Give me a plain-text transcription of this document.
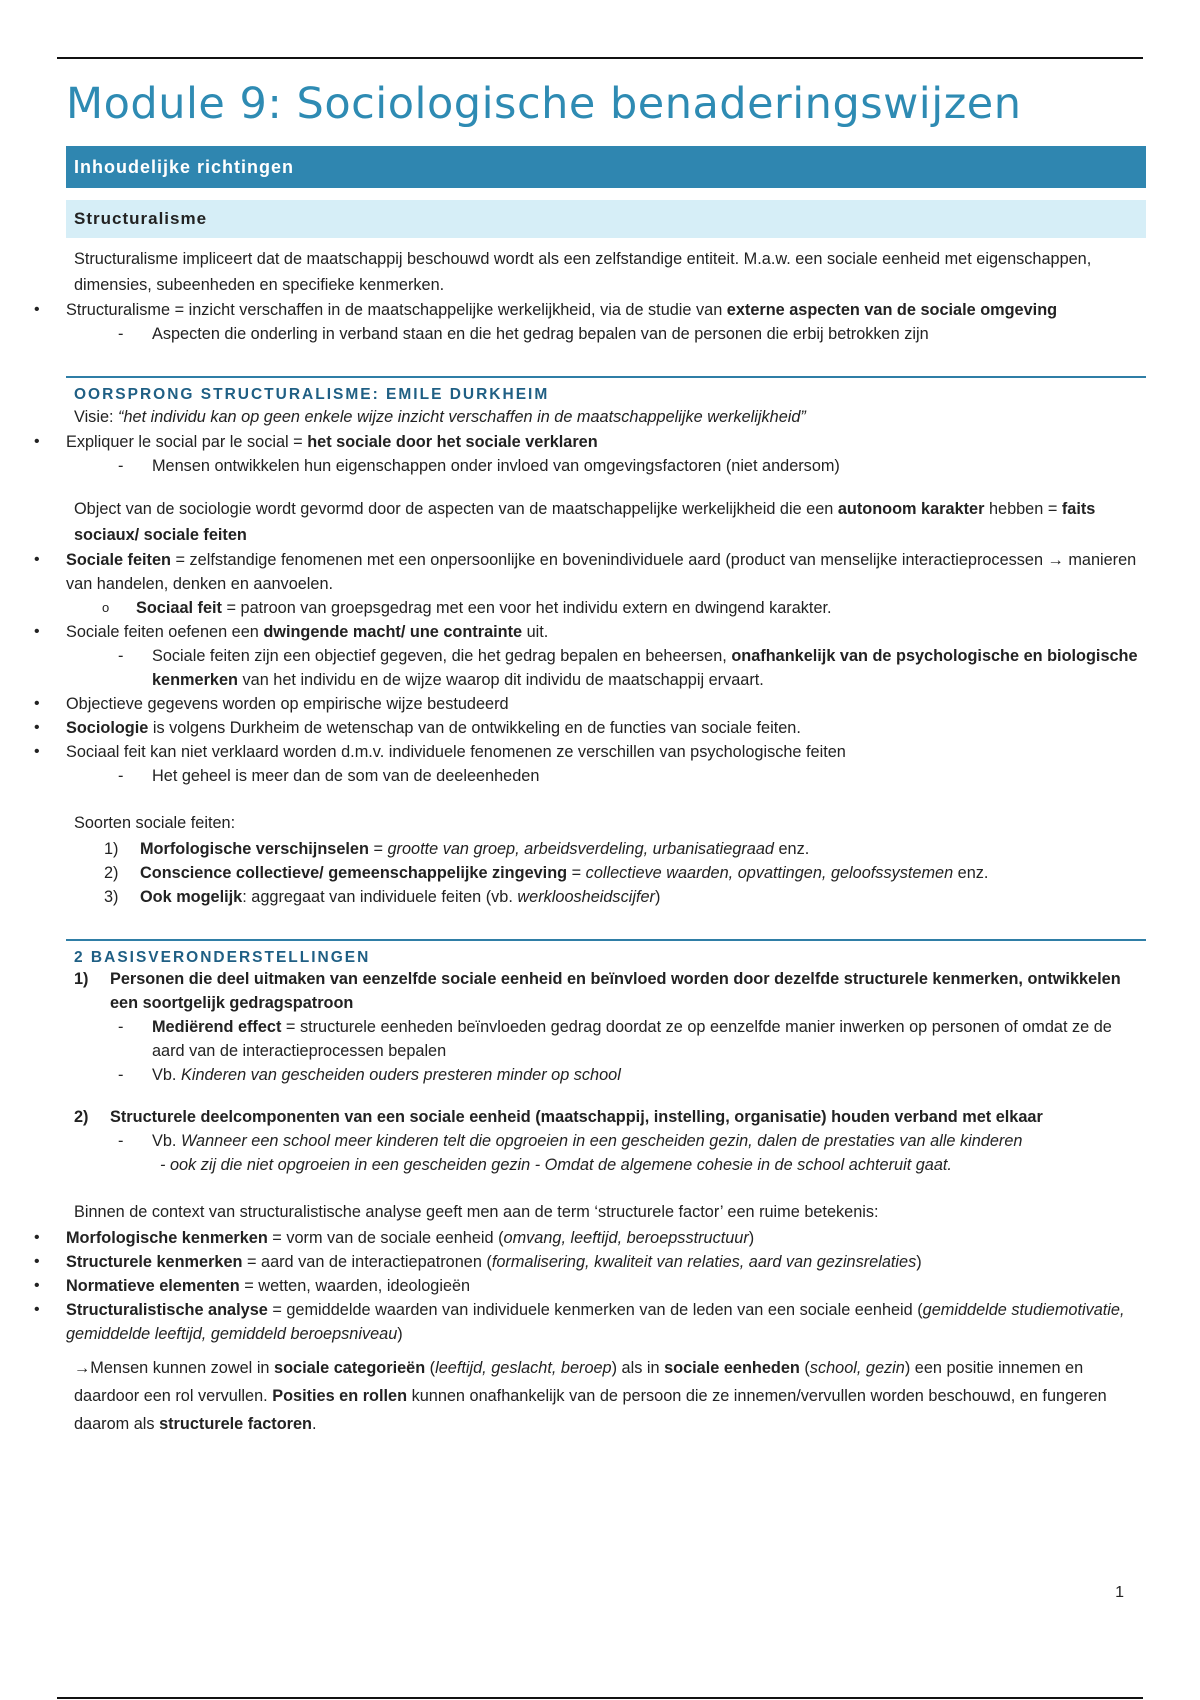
Module 9: Sociologische benaderingswijzen
Inhoudelijke richtingen
Structuralisme

Structuralisme impliceert dat de maatschappij beschouwd wordt als een zelfstandige entiteit. M.a.w. een sociale eenheid met eigenschappen, dimensies, subeenheden en specifieke kenmerken.

• Structuralisme = inzicht verschaffen in de maatschappelijke werkelijkheid, via de studie van externe aspecten van de sociale omgeving
- Aspecten die onderling in verband staan en die het gedrag bepalen van de personen die erbij betrokken zijn
OORSPRONG STRUCTURALISME: EMILE DURKHEIM

Visie: “het individu kan op geen enkele wijze inzicht verschaffen in de maatschappelijke werkelijkheid”

• Expliquer le social par le social = het sociale door het sociale verklaren
- Mensen ontwikkelen hun eigenschappen onder invloed van omgevingsfactoren (niet andersom)

Object van de sociologie wordt gevormd door de aspecten van de maatschappelijke werkelijkheid die een autonoom karakter hebben = faits sociaux/ sociale feiten

• Sociale feiten = zelfstandige fenomenen met een onpersoonlijke en bovenindividuele aard (product van menselijke interactieprocessen → manieren van handelen, denken en aanvoelen.
o Sociaal feit = patroon van groepsgedrag met een voor het individu extern en dwingend karakter.
• Sociale feiten oefenen een dwingende macht/ une contrainte uit.
- Sociale feiten zijn een objectief gegeven, die het gedrag bepalen en beheersen, onafhankelijk van de psychologische en biologische kenmerken van het individu en de wijze waarop dit individu de maatschappij ervaart.
• Objectieve gegevens worden op empirische wijze bestudeerd
• Sociologie is volgens Durkheim de wetenschap van de ontwikkeling en de functies van sociale feiten.
• Sociaal feit kan niet verklaard worden d.m.v. individuele fenomenen ze verschillen van psychologische feiten
- Het geheel is meer dan de som van de deeleenheden

Soorten sociale feiten:

1) Morfologische verschijnselen = grootte van groep, arbeidsverdeling, urbanisatiegraad enz.
2) Conscience collectieve/ gemeenschappelijke zingeving = collectieve waarden, opvattingen, geloofssystemen enz.
3) Ook mogelijk: aggregaat van individuele feiten (vb. werkloosheidscijfer)
2 BASISVERONDERSTELLINGEN
1) Personen die deel uitmaken van eenzelfde sociale eenheid en beïnvloed worden door dezelfde structurele kenmerken, ontwikkelen een soortgelijk gedragspatroon
- Mediërend effect = structurele eenheden beïnvloeden gedrag doordat ze op eenzelfde manier inwerken op personen of omdat ze de aard van de interactieprocessen bepalen
- Vb. Kinderen van gescheiden ouders presteren minder op school
2) Structurele deelcomponenten van een sociale eenheid (maatschappij, instelling, organisatie) houden verband met elkaar
- Vb. Wanneer een school meer kinderen telt die opgroeien in een gescheiden gezin, dalen de prestaties van alle kinderen
- ook zij die niet opgroeien in een gescheiden gezin - Omdat de algemene cohesie in de school achteruit gaat.

Binnen de context van structuralistische analyse geeft men aan de term ‘structurele factor’ een ruime betekenis:

• Morfologische kenmerken = vorm van de sociale eenheid (omvang, leeftijd, beroepsstructuur)
• Structurele kenmerken = aard van de interactiepatronen (formalisering, kwaliteit van relaties, aard van gezinsrelaties)
• Normatieve elementen = wetten, waarden, ideologieën
• Structuralistische analyse = gemiddelde waarden van individuele kenmerken van de leden van een sociale eenheid (gemiddelde studiemotivatie, gemiddelde leeftijd, gemiddeld beroepsniveau)

→Mensen kunnen zowel in sociale categorieën (leeftijd, geslacht, beroep) als in sociale eenheden (school, gezin) een positie innemen en daardoor een rol vervullen. Posities en rollen kunnen onafhankelijk van de persoon die ze innemen/vervullen worden beschouwd, en fungeren daarom als structurele factoren.

1
